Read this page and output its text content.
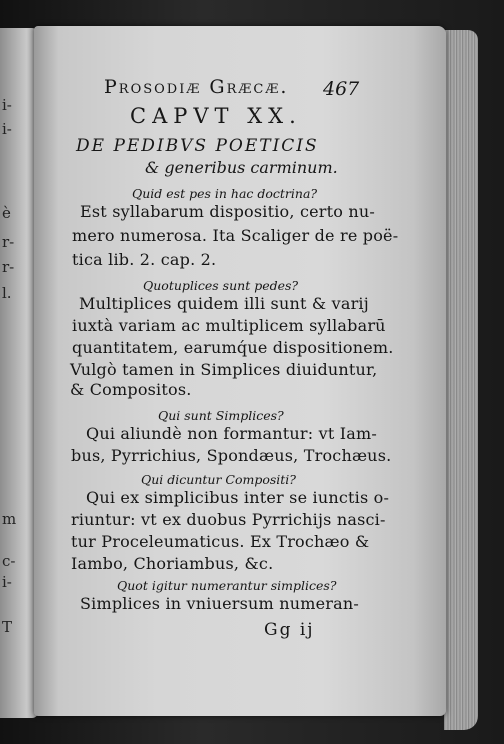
i-
i-
è
r-
r-
l.
m
c-
i-
T
Prosodiæ Græcæ. 467
CAPVT XX.
DE PEDIBVS POETICIS
& generibus carminum.
Quid est pes in hac doctrina?
Est syllabarum dispositio, certo nu-
mero numerosa. Ita Scaliger de re poë-
tica lib. 2. cap. 2.
Quotuplices sunt pedes?
Multiplices quidem illi sunt & varij
iuxtà variam ac multiplicem syllabarū
quantitatem, earumq́ue dispositionem.
Vulgò tamen in Simplices diuiduntur,
& Compositos.
Qui sunt Simplices?
Qui aliundè non formantur: vt Iam-
bus, Pyrrichius, Spondæus, Trochæus.
Qui dicuntur Compositi?
Qui ex simplicibus inter se iunctis o-
riuntur: vt ex duobus Pyrrichijs nasci-
tur Proceleumaticus. Ex Trochæo &
Iambo, Choriambus, &c.
Quot igitur numerantur simplices?
Simplices in vniuersum numeran-
Gg ij
